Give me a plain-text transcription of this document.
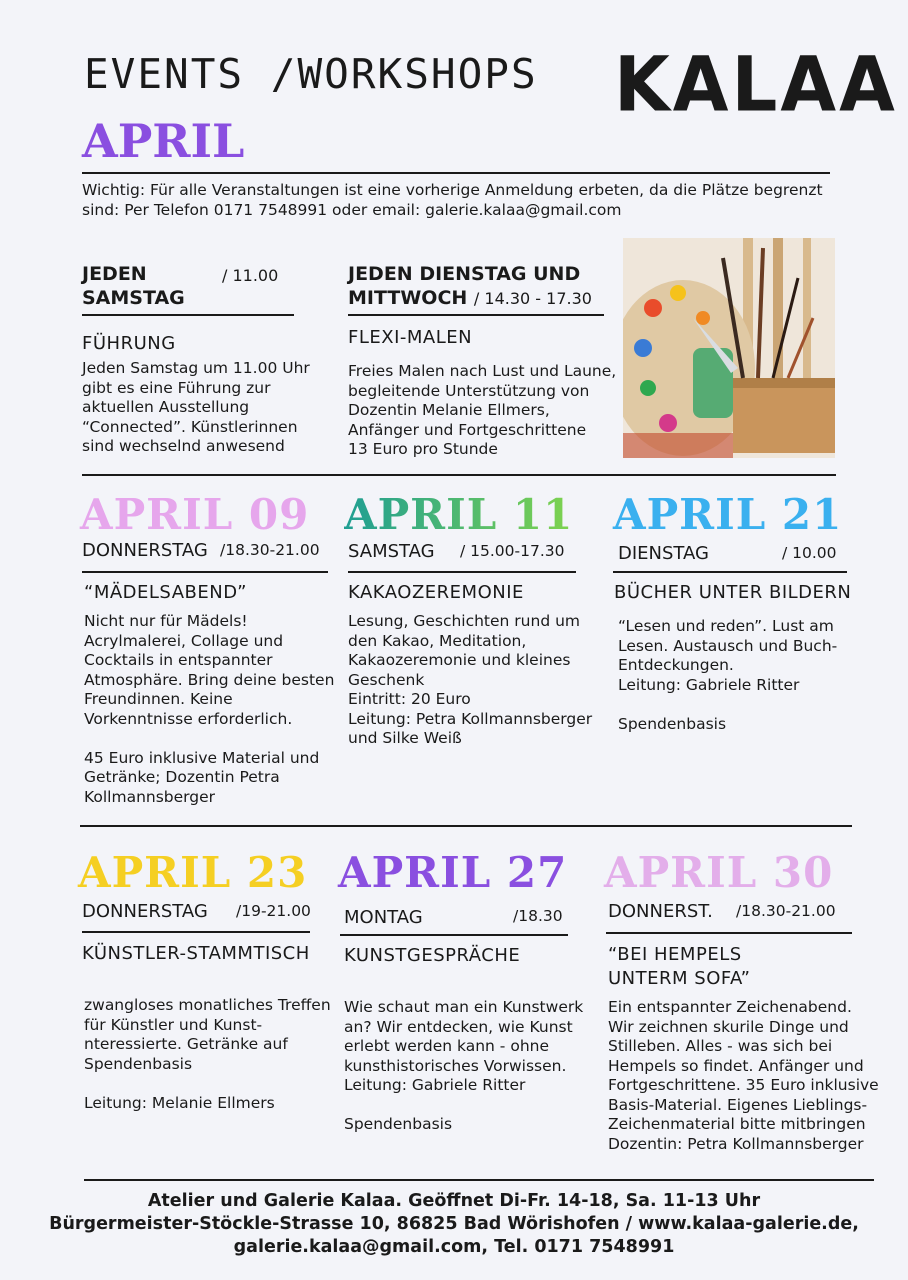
EVENTS /WORKSHOPS KALAA
APRIL
Wichtig: Für alle Veranstaltungen ist eine vorherige Anmeldung erbeten, da die Plätze begrenzt sind: Per Telefon 0171 7548991 oder email: galerie.kalaa@gmail.com
JEDEN SAMSTAG
/ 11.00
FÜHRUNG
Jeden Samstag um 11.00 Uhr
gibt es eine Führung zur
aktuellen Ausstellung
“Connected”. Künstlerinnen
sind wechselnd anwesend
JEDEN DIENSTAG UND
MITTWOCH / 14.30 - 17.30
FLEXI-MALEN
Freies Malen nach Lust und Laune,
begleitende Unterstützung von
Dozentin Melanie Ellmers,
Anfänger und Fortgeschrittene
13 Euro pro Stunde
APRIL 09
DONNERSTAG /18.30-21.00
“MÄDELSABEND”
Nicht nur für Mädels!
Acrylmalerei, Collage und
Cocktails in entspannter
Atmosphäre. Bring deine besten
Freundinnen. Keine
Vorkenntnisse erforderlich.

45 Euro inklusive Material und
Getränke; Dozentin Petra
Kollmannsberger
APRIL 11
SAMSTAG / 15.00-17.30
KAKAOZEREMONIE
Lesung, Geschichten rund um
den Kakao, Meditation,
Kakaozeremonie und kleines
Geschenk
Eintritt: 20 Euro
Leitung: Petra Kollmannsberger
und Silke Weiß
APRIL 21
DIENSTAG	/ 10.00
BÜCHER UNTER BILDERN
“Lesen und reden”. Lust am
Lesen. Austausch und Buch-
Entdeckungen.
Leitung: Gabriele Ritter

Spendenbasis
APRIL 23
DONNERSTAG /19-21.00
KÜNSTLER-STAMMTISCH
zwangloses monatliches Treffen
für Künstler und Kunst-
nteressierte. Getränke auf
Spendenbasis

Leitung: Melanie Ellmers
APRIL 27
MONTAG	/18.30
KUNSTGESPRÄCHE
Wie schaut man ein Kunstwerk
an? Wir entdecken, wie Kunst
erlebt werden kann - ohne
kunsthistorisches Vorwissen.
Leitung: Gabriele Ritter

Spendenbasis
APRIL 30
DONNERST. /18.30-21.00
“BEI HEMPELS
UNTERM SOFA”
Ein entspannter Zeichenabend.
Wir zeichnen skurile Dinge und
Stilleben. Alles - was sich bei
Hempels so findet. Anfänger und
Fortgeschrittene. 35 Euro inklusive
Basis-Material. Eigenes Lieblings-
Zeichenmaterial bitte mitbringen
Dozentin: Petra Kollmannsberger
Atelier und Galerie Kalaa. Geöffnet Di-Fr. 14-18, Sa. 11-13 Uhr
Bürgermeister-Stöckle-Strasse 10, 86825 Bad Wörishofen / www.kalaa-galerie.de,
galerie.kalaa@gmail.com, Tel. 0171 7548991
